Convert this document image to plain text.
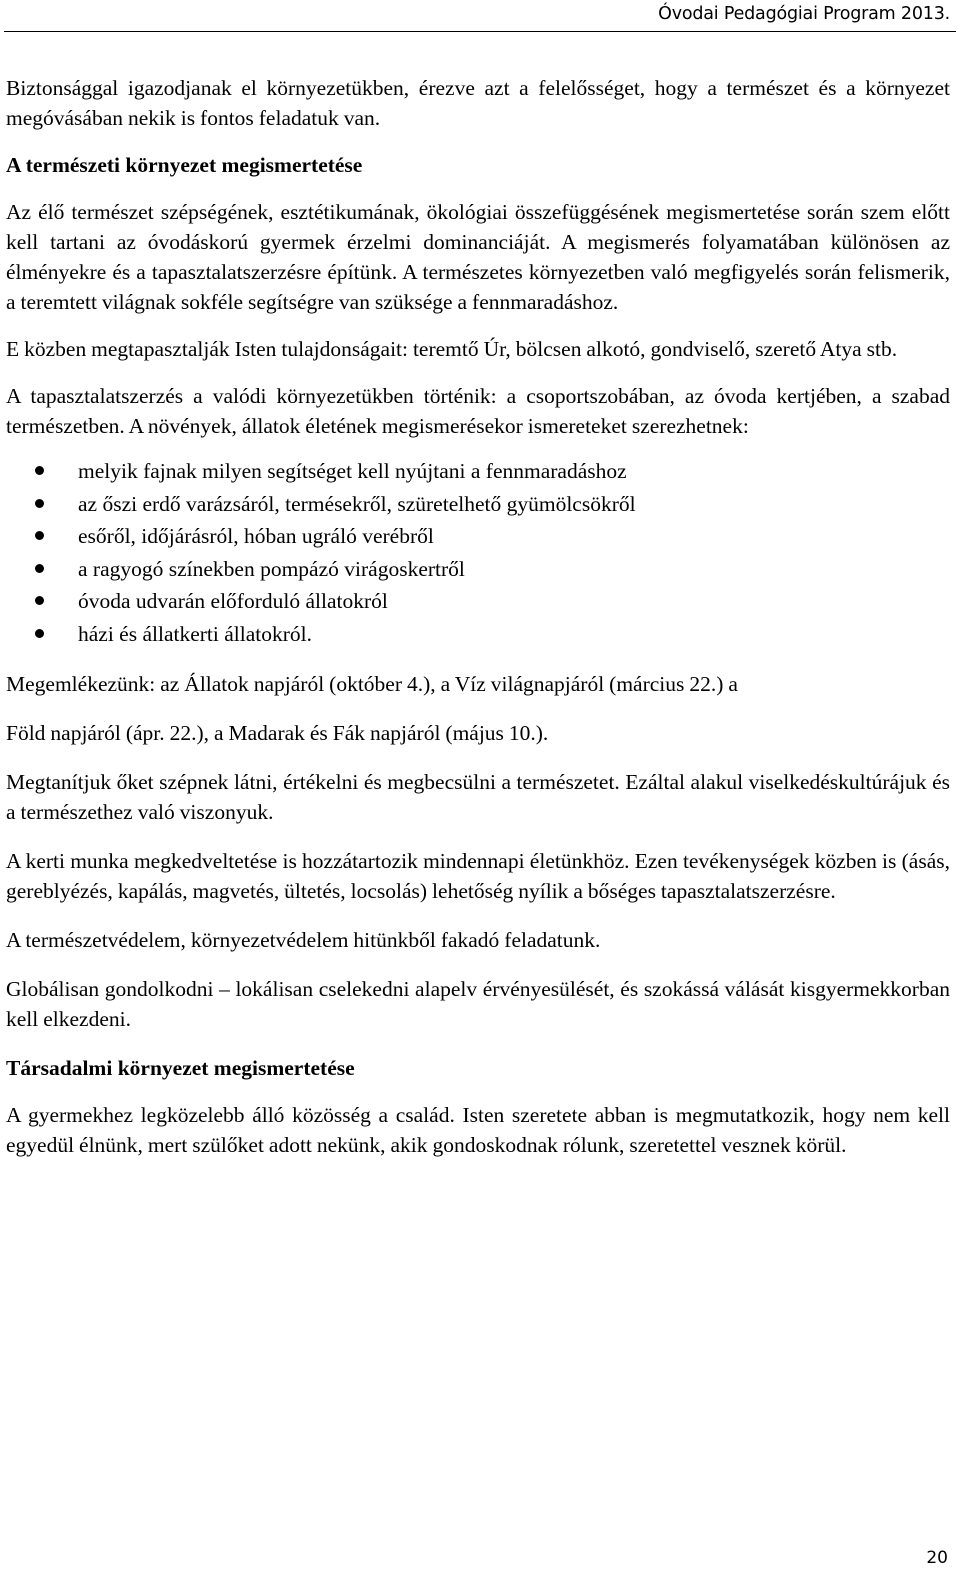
Óvodai Pedagógiai Program 2013.

Biztonsággal igazodjanak el környezetükben, érezve azt a felelősséget, hogy a természet és a környezet megóvásában nekik is fontos feladatuk van.

A természeti környezet megismertetése

Az élő természet szépségének, esztétikumának, ökológiai összefüggésének megismertetése során szem előtt kell tartani az óvodáskorú gyermek érzelmi dominanciáját. A megismerés folyamatában különösen az élményekre és a tapasztalatszerzésre építünk. A természetes környezetben való megfigyelés során felismerik, a teremtett világnak sokféle segítségre van szüksége a fennmaradáshoz.

E közben megtapasztalják Isten tulajdonságait: teremtő Úr, bölcsen alkotó, gondviselő, szerető Atya stb.

A tapasztalatszerzés a valódi környezetükben történik: a csoportszobában, az óvoda kertjében, a szabad természetben. A növények, állatok életének megismerésekor ismereteket szerezhetnek:

melyik fajnak milyen segítséget kell nyújtani a fennmaradáshoz
az őszi erdő varázsáról, termésekről, szüretelhető gyümölcsökről
esőről, időjárásról, hóban ugráló verébről
a ragyogó színekben pompázó virágoskertről
óvoda udvarán előforduló állatokról
házi és állatkerti állatokról.

Megemlékezünk: az Állatok napjáról (október 4.), a Víz világnapjáról (március 22.) a

Föld napjáról (ápr. 22.), a Madarak és Fák napjáról (május 10.).

Megtanítjuk őket szépnek látni, értékelni és megbecsülni a természetet. Ezáltal alakul viselkedéskultúrájuk és a természethez való viszonyuk.

A kerti munka megkedveltetése is hozzátartozik mindennapi életünkhöz. Ezen tevékenységek közben is (ásás, gereblyézés, kapálás, magvetés, ültetés, locsolás) lehetőség nyílik a bőséges tapasztalatszerzésre.

A természetvédelem, környezetvédelem hitünkből fakadó feladatunk.

Globálisan gondolkodni – lokálisan cselekedni alapelv érvényesülését, és szokássá válását kisgyermekkorban kell elkezdeni.

Társadalmi környezet megismertetése

A gyermekhez legközelebb álló közösség a család. Isten szeretete abban is megmutatkozik, hogy nem kell egyedül élnünk, mert szülőket adott nekünk, akik gondoskodnak rólunk, szeretettel vesznek körül.

20
